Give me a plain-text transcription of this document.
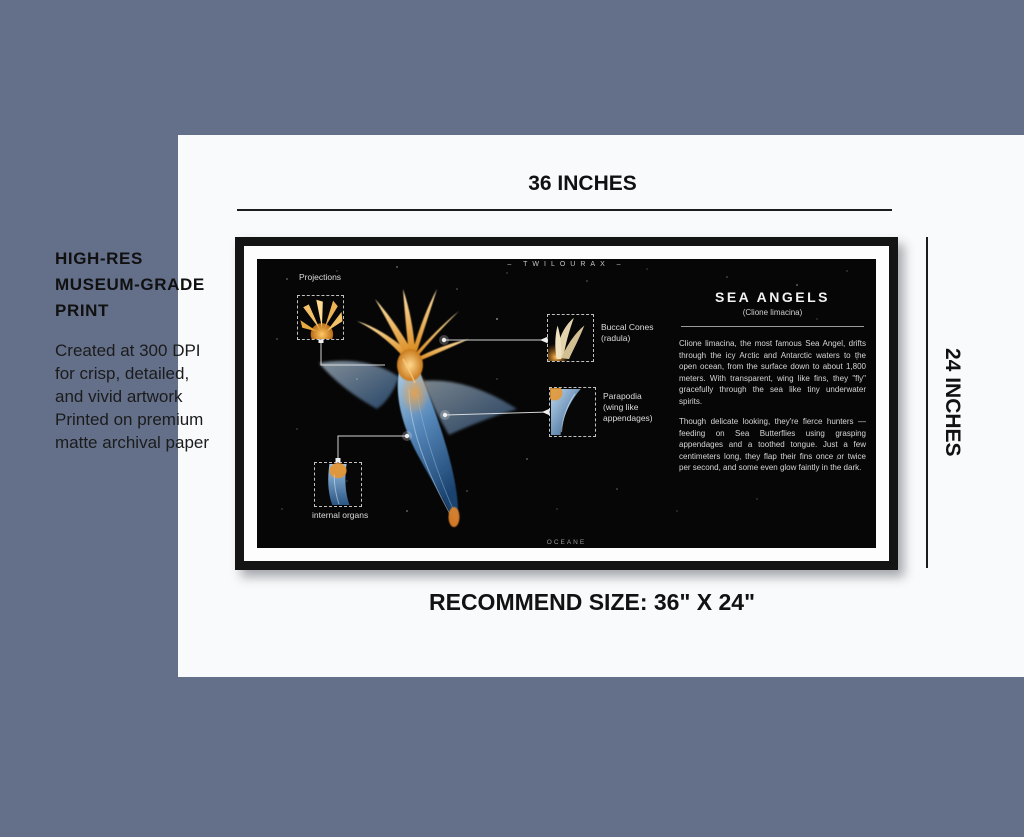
HIGH-RES
MUSEUM-GRADE
PRINT
Created at 300 DPI
for crisp, detailed,
and vivid artwork
Printed on premium
matte archival paper
36 INCHES
24 INCHES
RECOMMEND SIZE: 36" X 24"
– TWILOURAX –
Projections
Buccal Cones
(radula)
Parapodia
(wing like
appendages)
internal organs
SEA ANGELS
(Clione limacina)
Clione limacina, the most famous Sea Angel, drifts through the icy Arctic and Antarctic waters to the open ocean, from the surface down to about 1,800 meters. With transparent, wing like fins, they "fly" gracefully through the sea like tiny underwater spirits.
Though delicate looking, they're fierce hunters — feeding on Sea Butterflies using grasping appendages and a toothed tongue. Just a few centimeters long, they flap their fins once or twice per second, and some even glow faintly in the dark.
OCEANE
